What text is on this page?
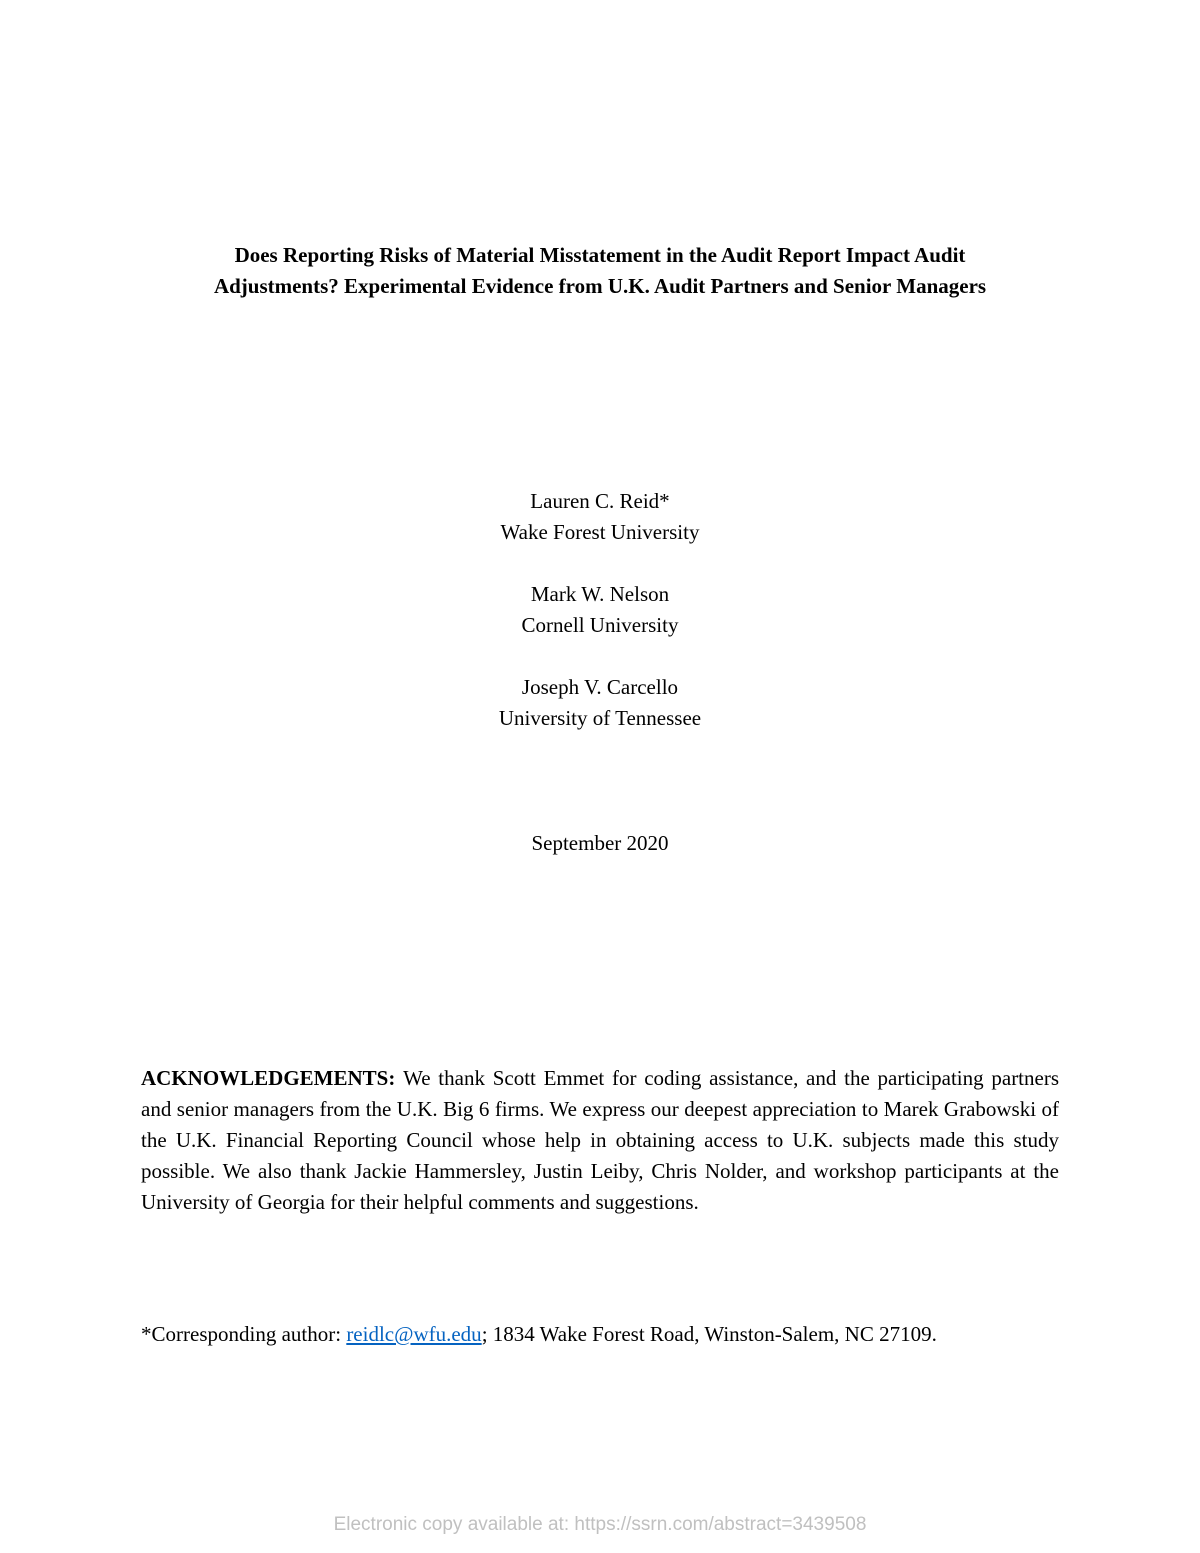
Does Reporting Risks of Material Misstatement in the Audit Report Impact Audit
Adjustments? Experimental Evidence from U.K. Audit Partners and Senior Managers
Lauren C. Reid*
Wake Forest University
Mark W. Nelson
Cornell University
Joseph V. Carcello
University of Tennessee
September 2020
ACKNOWLEDGEMENTS: We thank Scott Emmet for coding assistance, and the participating partners and senior managers from the U.K. Big 6 firms. We express our deepest appreciation to Marek Grabowski of the U.K. Financial Reporting Council whose help in obtaining access to U.K. subjects made this study possible. We also thank Jackie Hammersley, Justin Leiby, Chris Nolder, and workshop participants at the University of Georgia for their helpful comments and suggestions.
*Corresponding author: reidlc@wfu.edu; 1834 Wake Forest Road, Winston-Salem, NC 27109.
Electronic copy available at: https://ssrn.com/abstract=3439508
